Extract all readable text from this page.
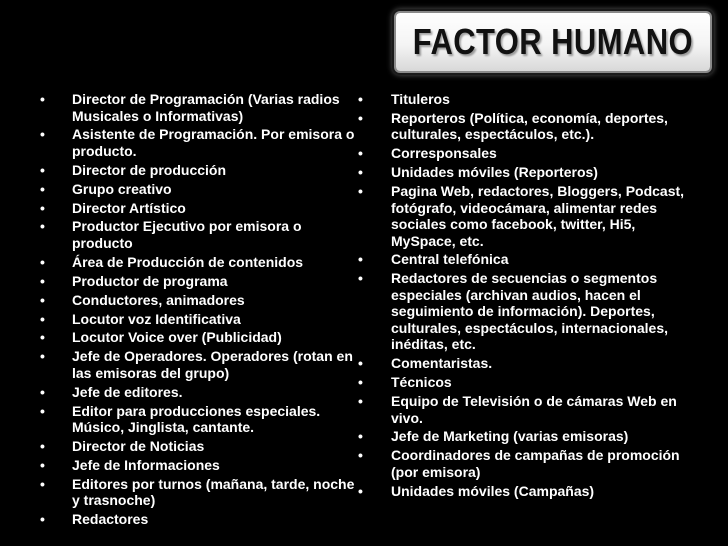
FACTOR HUMANO
• Director de Programación (Varias radios Musicales o Informativas)
• Asistente de Programación. Por emisora o producto.
• Director de producción
• Grupo creativo
• Director Artístico
• Productor Ejecutivo por emisora o producto
• Área de Producción de contenidos
• Productor de programa
• Conductores, animadores
• Locutor voz Identificativa
• Locutor Voice over (Publicidad)
• Jefe de Operadores. Operadores (rotan en las emisoras del grupo)
• Jefe de editores.
• Editor para producciones especiales. Músico, Jinglista, cantante.
• Director de Noticias
• Jefe de Informaciones
• Editores por turnos (mañana, tarde, noche y trasnoche)
• Redactores
• Tituleros
• Reporteros (Política, economía, deportes, culturales, espectáculos, etc.).
• Corresponsales
• Unidades móviles (Reporteros)
• Pagina Web, redactores, Bloggers, Podcast, fotógrafo, videocámara, alimentar redes sociales como facebook, twitter, Hi5, MySpace, etc.
• Central telefónica
• Redactores de secuencias o segmentos especiales (archivan audios, hacen el seguimiento de información). Deportes, culturales, espectáculos, internacionales, inéditas, etc.
• Comentaristas.
• Técnicos
• Equipo de Televisión o de cámaras Web en vivo.
• Jefe de Marketing (varias emisoras)
• Coordinadores de campañas de promoción (por emisora)
• Unidades móviles (Campañas)
